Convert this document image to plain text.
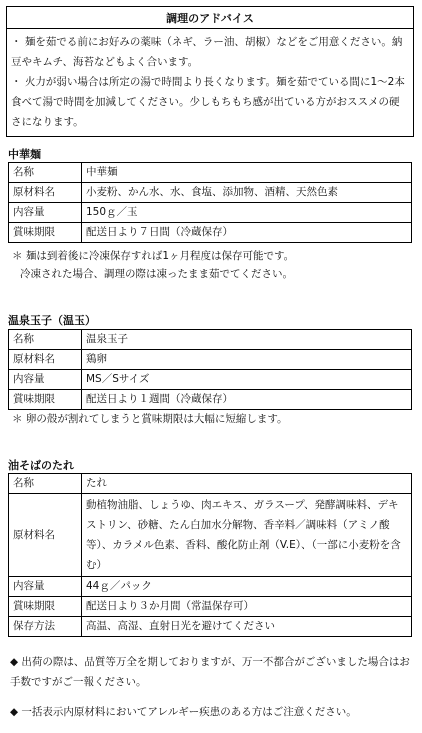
調理のアドバイス
・ 麺を茹でる前にお好みの薬味（ネギ、ラー油、胡椒）などをご用意ください。納豆やキムチ、海苔などもよく合います。
・ 火力が弱い場合は所定の湯で時間より長くなります。麺を茹でている間に1〜2本食べて湯で時間を加減してください。少しもちもち感が出ている方がおススメの硬さになります。
中華麺
名称	中華麺
原材料名	小麦粉、かん水、水、食塩、添加物、酒精、天然色素
内容量	150ｇ／玉
賞味期限	配送日より７日間（冷蔵保存）
＊ 麺は到着後に冷凍保存すれば1ヶ月程度は保存可能です。
冷凍された場合、調理の際は凍ったまま茹でてください。
温泉玉子（温玉）
名称	温泉玉子
原材料名	鶏卵
内容量	MS／Sサイズ
賞味期限	配送日より１週間（冷蔵保存）
＊ 卵の殻が割れてしまうと賞味期限は大幅に短縮します。
油そばのたれ
名称	たれ
原材料名	動植物油脂、しょうゆ、肉エキス、ガラスープ、発酵調味料、デキストリン、砂糖、たん白加水分解物、香辛料／調味料（アミノ酸等）、カラメル色素、香料、酸化防止剤（V.E）、（一部に小麦粉を含む）
内容量	44ｇ／パック
賞味期限	配送日より３か月間（常温保存可）
保存方法	高温、高湿、直射日光を避けてください
◆ 出荷の際は、品質等万全を期しておりますが、万一不都合がございました場合はお手数ですがご一報ください。
◆ 一括表示内原材料においてアレルギー疾患のある方はご注意ください。
